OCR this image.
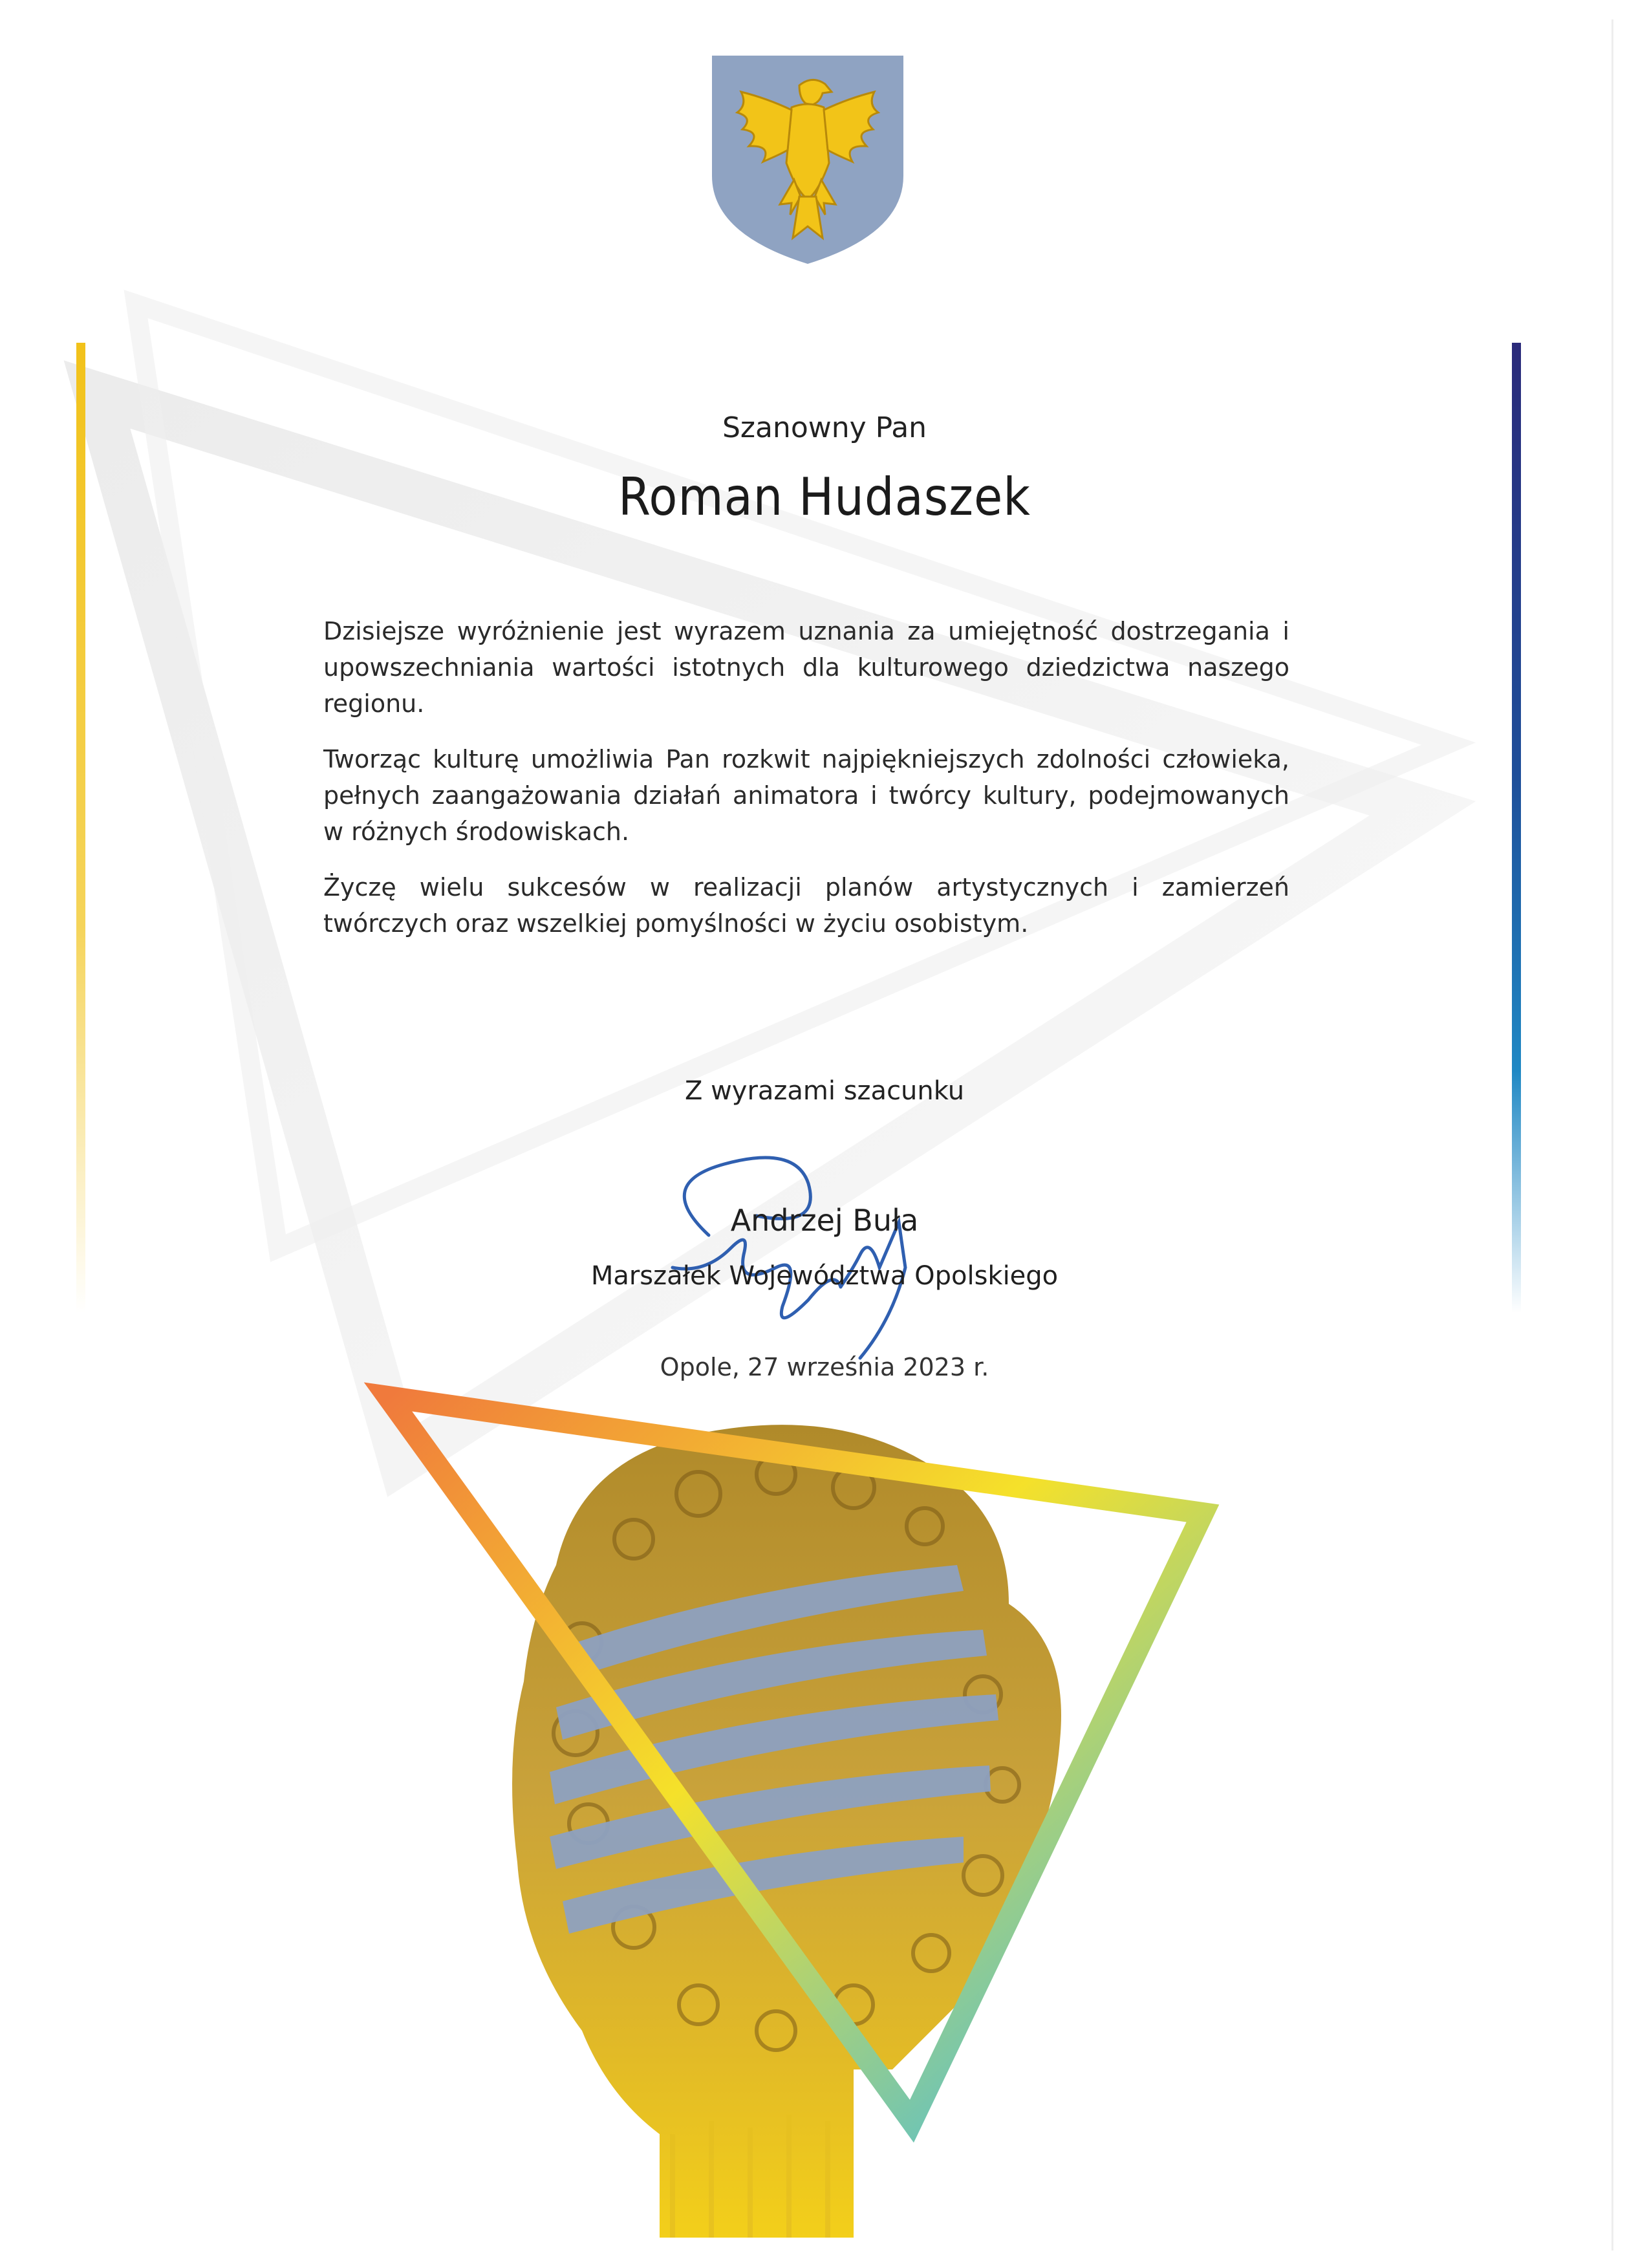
Szanowny Pan

Roman Hudaszek

Dzisiejsze wyróżnienie jest wyrazem uznania za umiejętność dostrzegania i upowszechniania wartości istotnych dla kulturowego dziedzictwa naszego regionu.

Tworząc kulturę umożliwia Pan rozkwit najpiękniejszych zdolności człowieka, pełnych zaangażowania działań animatora i twórcy kultury, podejmowanych w różnych środowiskach.

Życzę wielu sukcesów w realizacji planów artystycznych i zamierzeń twórczych oraz wszelkiej pomyślności w życiu osobistym.

Z wyrazami szacunku

Andrzej Buła

Marszałek Województwa Opolskiego

Opole, 27 września 2023 r.
